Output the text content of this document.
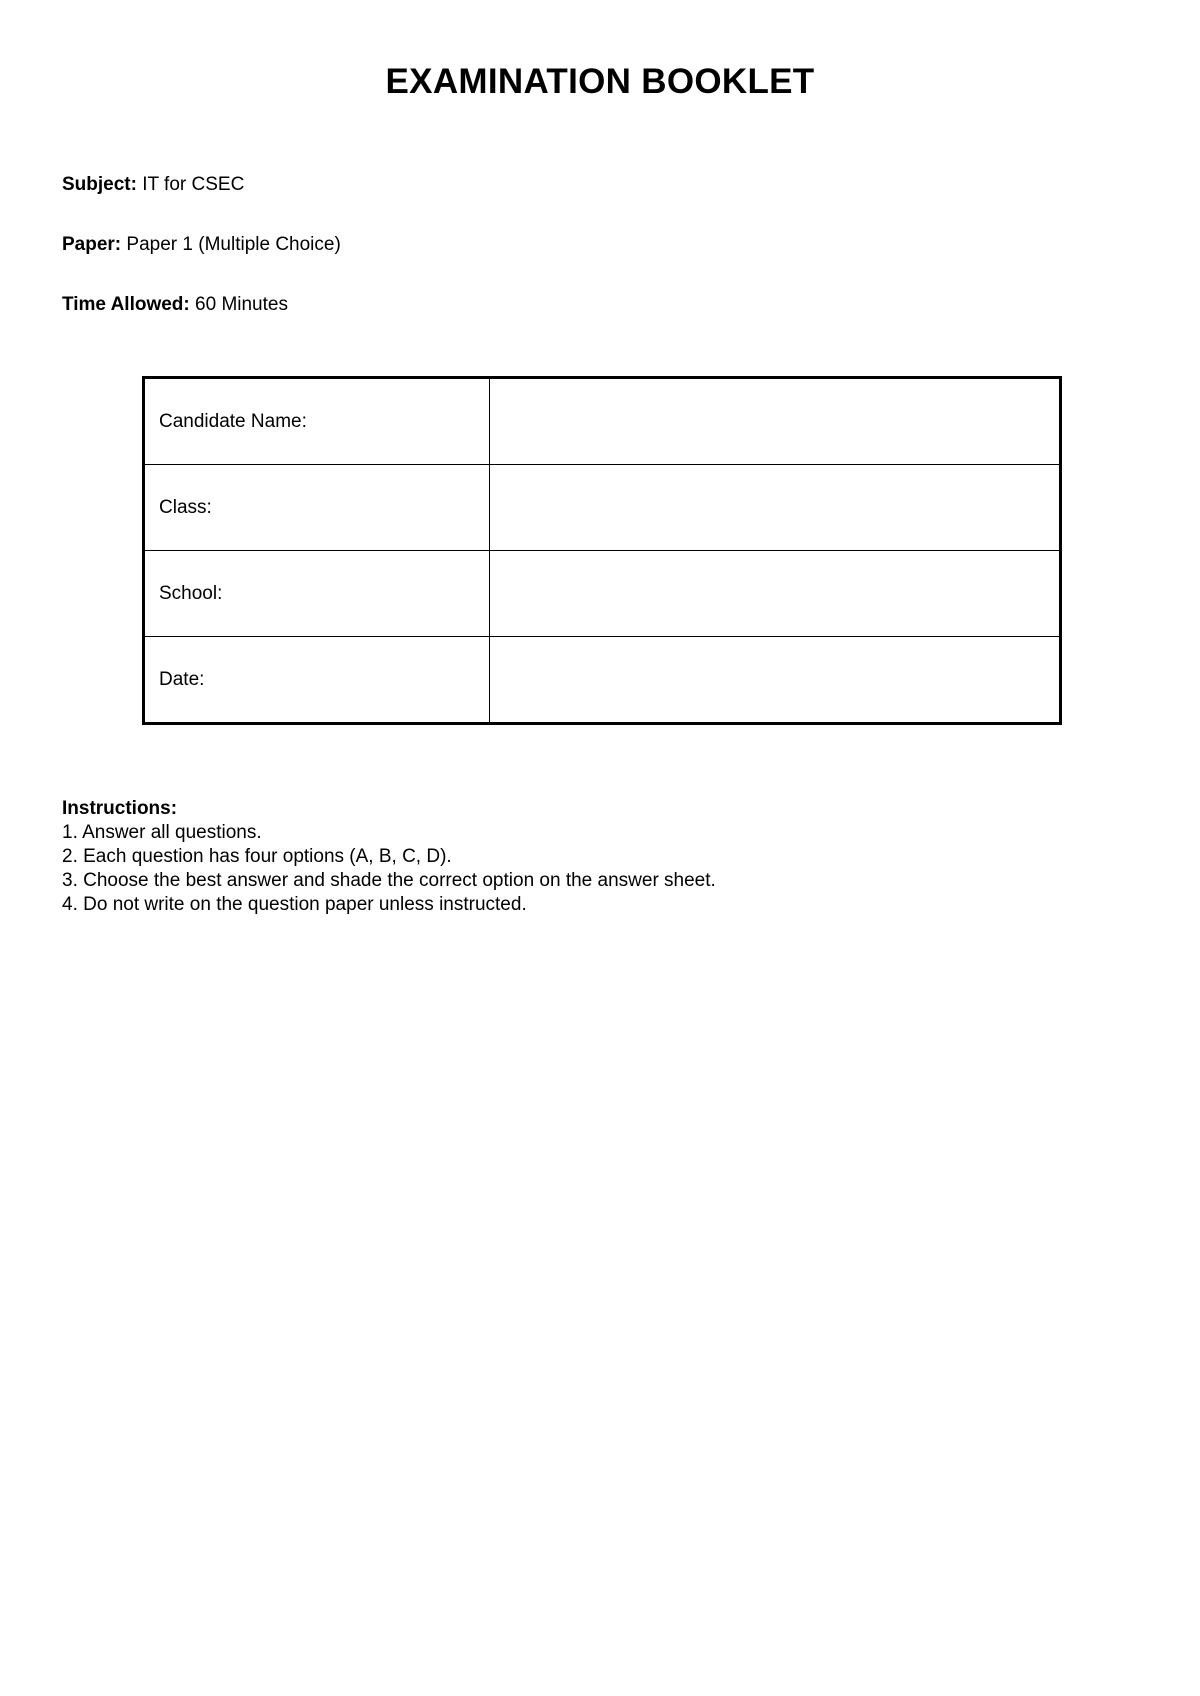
EXAMINATION BOOKLET

Subject: IT for CSEC

Paper: Paper 1 (Multiple Choice)

Time Allowed: 60 Minutes

Candidate Name:	
Class:	
School:	
Date:	
Instructions:
1. Answer all questions.
2. Each question has four options (A, B, C, D).
3. Choose the best answer and shade the correct option on the answer sheet.
4. Do not write on the question paper unless instructed.
